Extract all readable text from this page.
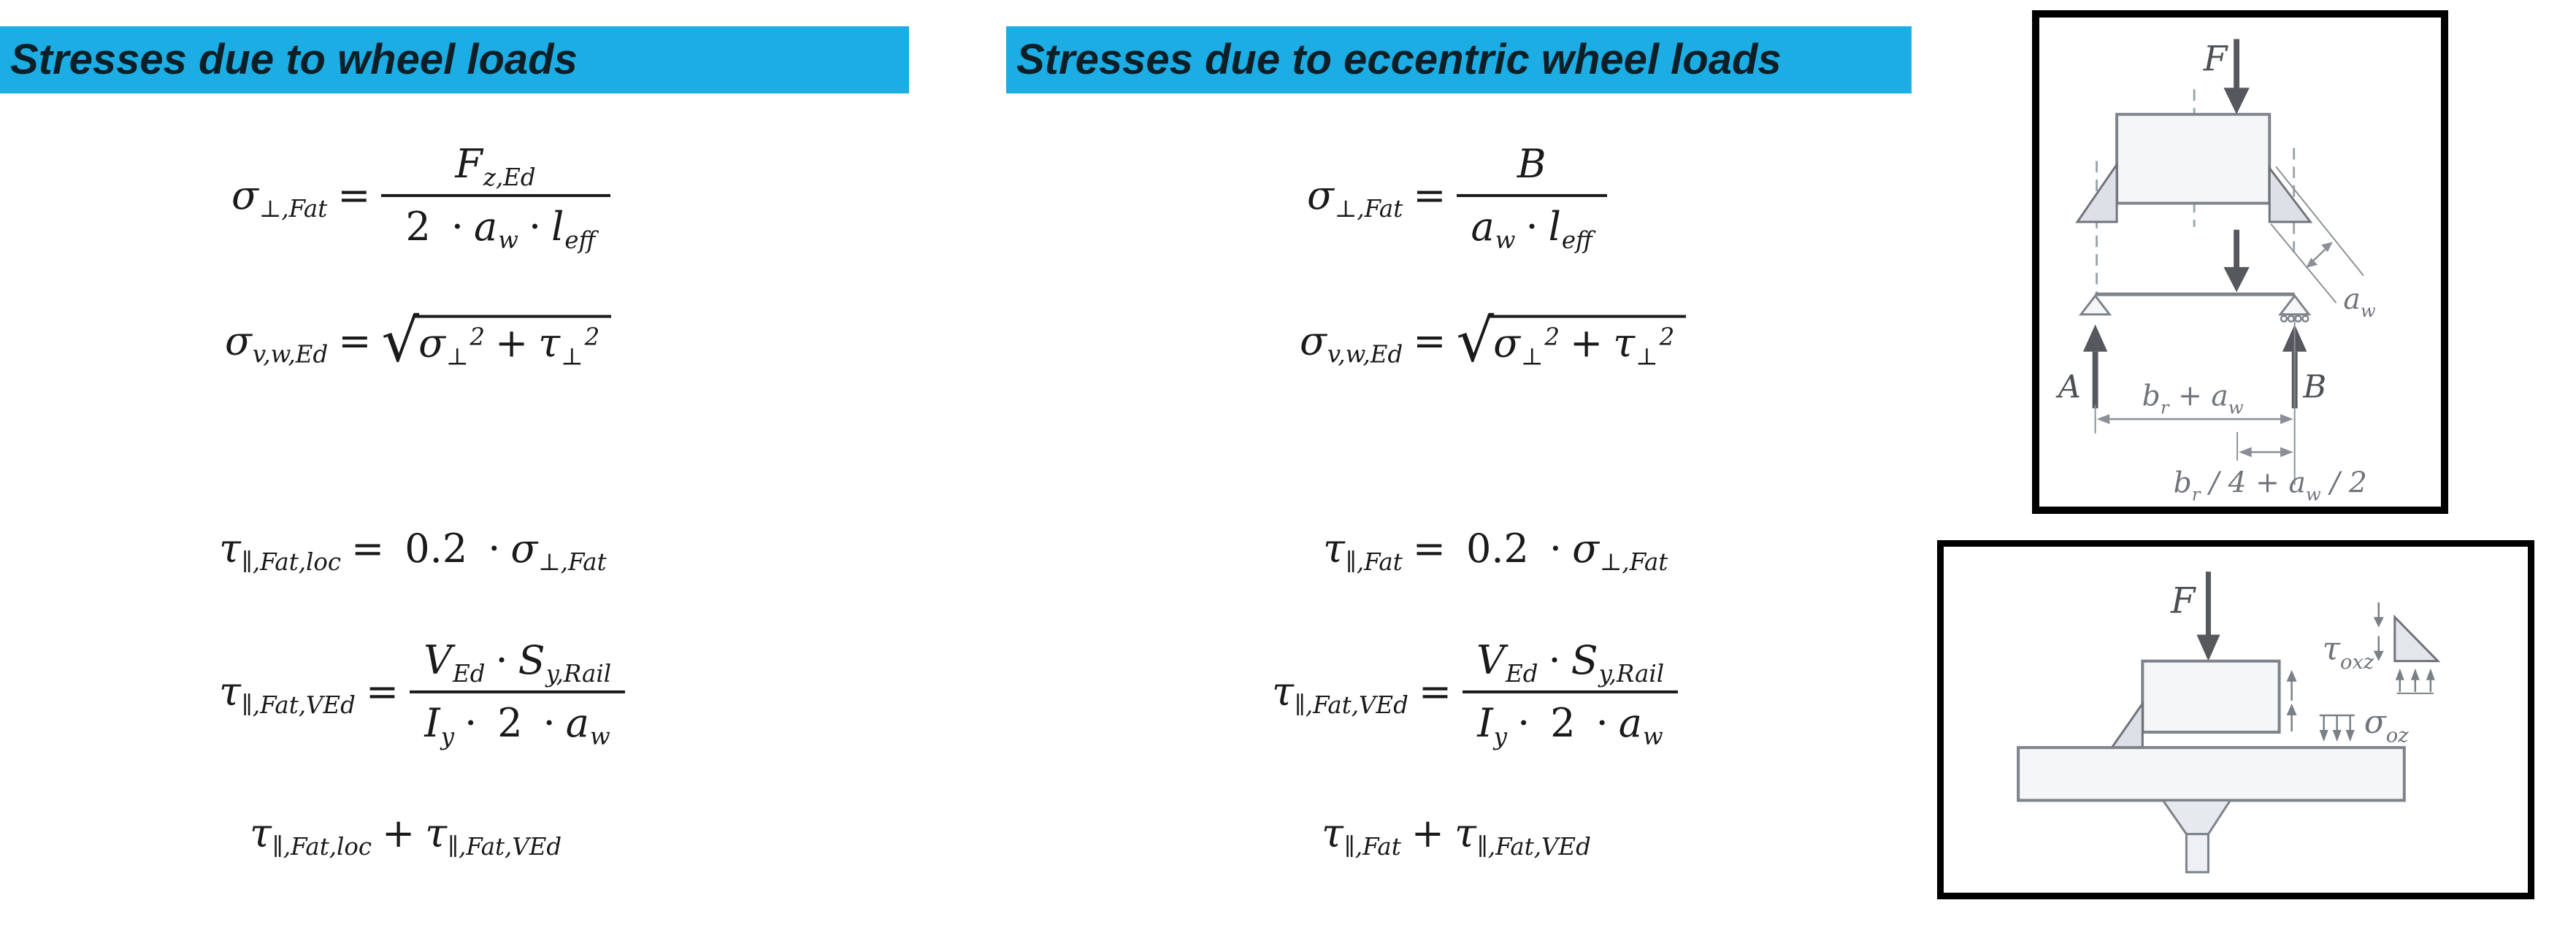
Stresses due to wheel loads	Stresses due to eccentric wheel loads
$\sigma_{\perp,Fat} = \frac{F_{z,Ed}}{2 \cdot a_w \cdot l_{eff}}$
$\sigma_{v,w,Ed}$ = √ $\sigma_\perp^2 + \tau_\perp^2$
$\tau_{\parallel,Fat,loc} = 0.2 \cdot \sigma_{\perp,Fat}$
$\tau_{\parallel,Fat,VEd} = \frac{V_{Ed} \cdot S_{y,Rail}}{I_y \cdot 2 \cdot a_w}$
$\tau_{\parallel,Fat,loc} + \tau_{\parallel,Fat,VEd}$
$\sigma_{\perp,Fat} = \frac{B}{a_w \cdot l_{eff}}$
$\sigma_{v,w,Ed}$ = √ $\sigma_\perp^2 + \tau_\perp^2$
$\tau_{\parallel,Fat} = 0.2 \cdot \sigma_{\perp,Fat}$
$\tau_{\parallel,Fat,VEd} = \frac{V_{Ed} \cdot S_{y,Rail}}{I_y \cdot 2 \cdot a_w}$
$\tau_{\parallel,Fat} + \tau_{\parallel,Fat,VEd}$
F
A	B
$b_r + a_w$
$b_r / 4 + a_w / 2$
$a_w$
F
$\tau_{oxz}$
$\sigma_{oz}$
